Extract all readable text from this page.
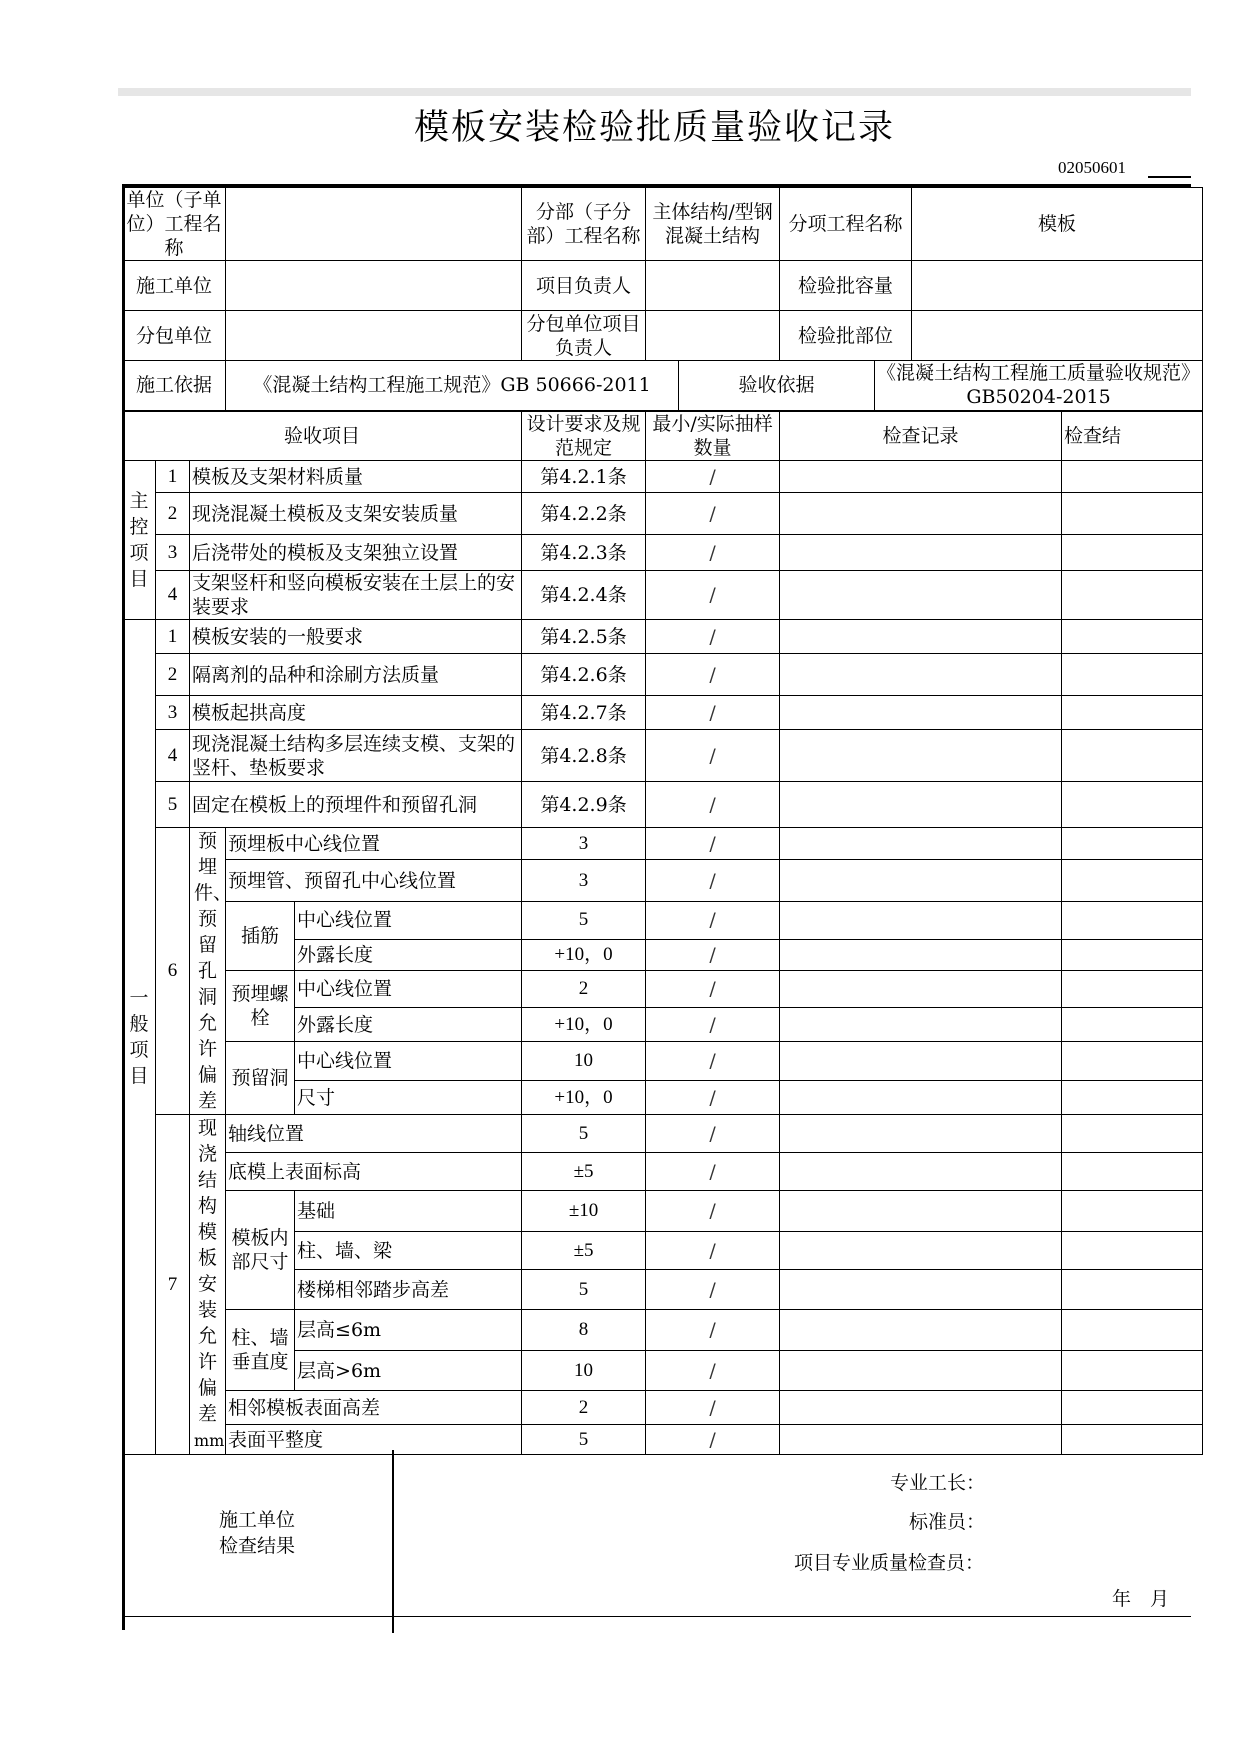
模板安装检验批质量验收记录
02050601
单位（子单位）工程名称					分部（子分部）工程名称	主体结构/型钢混凝土结构		分项工程名称		模板	
施工单位					项目负责人			检验批容量			
分包单位					分包单位项目负责人			检验批部位			
施工依据			《混凝土结构工程施工规范》GB 50666-2011				验收依据		《混凝土结构工程施工质量验收规范》GB50204-2015		
验收项目					设计要求及规范规定	最小/实际抽样数量		检查记录			检查结

主控项目	1	模板及支架材料质量			第4.2.1条	/					
	2	现浇混凝土模板及支架安装质量			第4.2.2条	/					
	3	后浇带处的模板及支架独立设置			第4.2.3条	/					
	4	支架竖杆和竖向模板安装在土层上的安装要求			第4.2.4条	/					

一般项目	1	模板安装的一般要求			第4.2.5条	/					
	2	隔离剂的品种和涂刷方法质量			第4.2.6条	/					
	3	模板起拱高度			第4.2.7条	/					
	4	现浇混凝土结构多层连续支模、支架的竖杆、垫板要求			第4.2.8条	/					
	5	固定在模板上的预埋件和预留孔洞			第4.2.9条	/					
	6	预埋件、预留孔洞允许偏差	预埋板中心线位置		3	/					
			预埋管、预留孔中心线位置		3	/					
			插筋	中心线位置	5	/					
				外露长度	+10，0	/					
			预埋螺栓	中心线位置	2	/					
				外露长度	+10，0	/					
			预留洞	中心线位置	10	/					
				尺寸	+10，0	/					
	7	现浇结构模板安装允许偏差mm	轴线位置		5	/					
			底模上表面标高		±5	/					
			模板内部尺寸	基础	±10	/					
				柱、墙、梁	±5	/					
				楼梯相邻踏步高差	5	/					
			柱、墙垂直度	层高≤6m	8	/					
				层高>6m	10	/					
			相邻模板表面高差		2	/					
			表面平整度		5	/					
施工单位
检查结果
专业工长：
标准员：
项目专业质量检查员：
年　月
